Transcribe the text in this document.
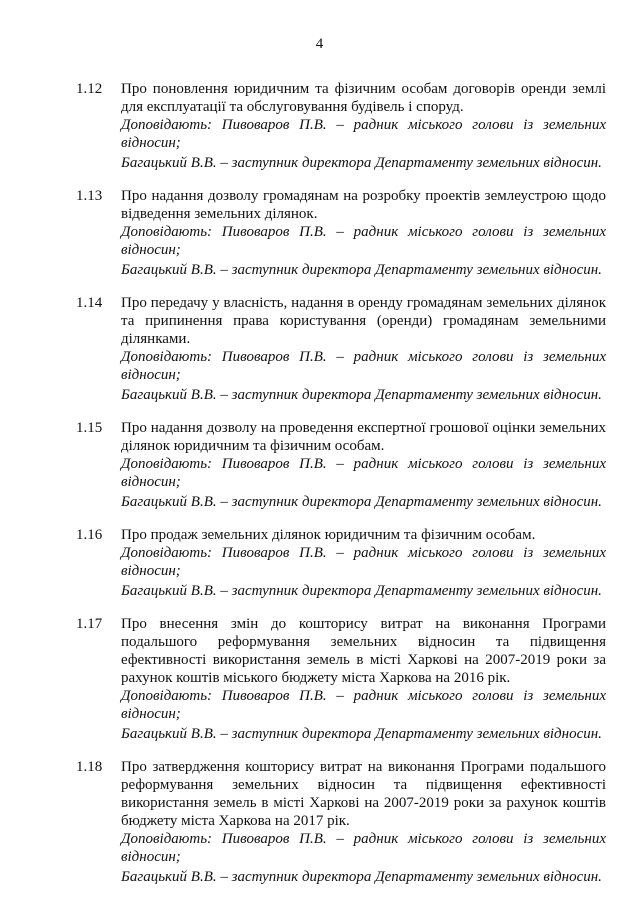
4
1.12 Про поновлення юридичним та фізичним особам договорів оренди землі для експлуатації та обслуговування будівель і споруд.

Доповідають: Пивоваров П.В. – радник міського голови із земельних відносин;

Багацький В.В. – заступник директора Департаменту земельних відносин.

1.13 Про надання дозволу громадянам на розробку проектів землеустрою щодо відведення земельних ділянок.

Доповідають: Пивоваров П.В. – радник міського голови із земельних відносин;

Багацький В.В. – заступник директора Департаменту земельних відносин.

1.14 Про передачу у власність, надання в оренду громадянам земельних ділянок та припинення права користування (оренди) громадянам земельними ділянками.

Доповідають: Пивоваров П.В. – радник міського голови із земельних відносин;

Багацький В.В. – заступник директора Департаменту земельних відносин.

1.15 Про надання дозволу на проведення експертної грошової оцінки земельних ділянок юридичним та фізичним особам.

Доповідають: Пивоваров П.В. – радник міського голови із земельних відносин;

Багацький В.В. – заступник директора Департаменту земельних відносин.

1.16 Про продаж земельних ділянок юридичним та фізичним особам.

Доповідають: Пивоваров П.В. – радник міського голови із земельних відносин;

Багацький В.В. – заступник директора Департаменту земельних відносин.

1.17 Про внесення змін до кошторису витрат на виконання Програми подальшого реформування земельних відносин та підвищення ефективності використання земель в місті Харкові на 2007-2019 роки за рахунок коштів міського бюджету міста Харкова на 2016 рік.

Доповідають: Пивоваров П.В. – радник міського голови із земельних відносин;

Багацький В.В. – заступник директора Департаменту земельних відносин.

1.18 Про затвердження кошторису витрат на виконання Програми подальшого реформування земельних відносин та підвищення ефективності використання земель в місті Харкові на 2007-2019 роки за рахунок коштів бюджету міста Харкова на 2017 рік.

Доповідають: Пивоваров П.В. – радник міського голови із земельних відносин;

Багацький В.В. – заступник директора Департаменту земельних відносин.
